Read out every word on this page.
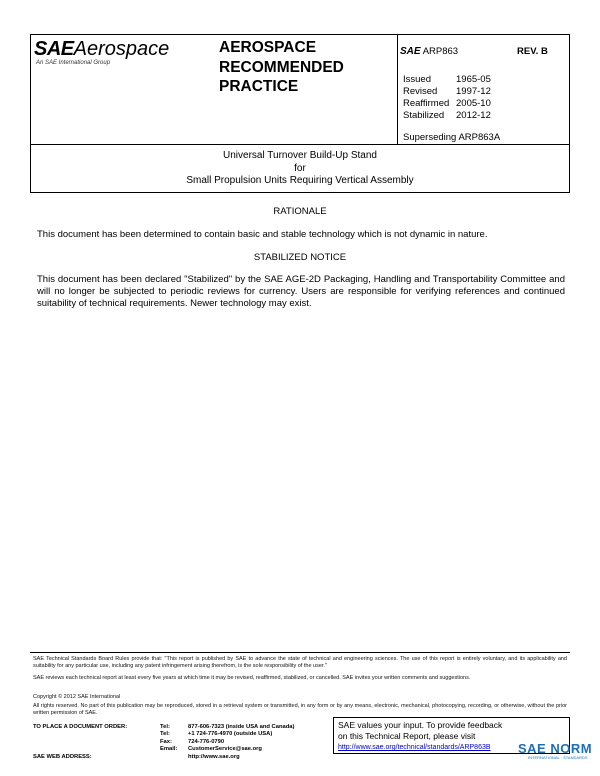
SAEAerospace
An SAE International Group
AEROSPACE
RECOMMENDED
PRACTICE
SAE ARP863	REV. B
Issued	1965-05
Revised	1997-12
Reaffirmed	2005-10
Stabilized	2012-12
Superseding ARP863A
Universal Turnover Build-Up Stand
for
Small Propulsion Units Requiring Vertical Assembly
RATIONALE
This document has been determined to contain basic and stable technology which is not dynamic in nature.
STABILIZED NOTICE
This document has been declared "Stabilized" by the SAE AGE-2D Packaging, Handling and Transportability Committee and will no longer be subjected to periodic reviews for currency. Users are responsible for verifying references and continued suitability of technical requirements. Newer technology may exist.
SAE Technical Standards Board Rules provide that: "This report is published by SAE to advance the state of technical and engineering sciences. The use of this report is entirely voluntary, and its applicability and suitability for any particular use, including any patent infringement arising therefrom, is the sole responsibility of the user."
SAE reviews each technical report at least every five years at which time it may be revised, reaffirmed, stabilized, or cancelled. SAE invites your written comments and suggestions.
Copyright © 2012 SAE International
All rights reserved. No part of this publication may be reproduced, stored in a retrieval system or transmitted, in any form or by any means, electronic, mechanical, photocopying, recording, or otherwise, without the prior written permission of SAE.
TO PLACE A DOCUMENT ORDER:	Tel:	877-606-7323 (inside USA and Canada)
	Tel:	+1 724-776-4970 (outside USA)
	Fax:	724-776-0790
	Email:	CustomerService@sae.org
SAE WEB ADDRESS:		http://www.sae.org
SAE values your input. To provide feedback
on this Technical Report, please visit
http://www.sae.org/technical/standards/ARP863B	SAE NORM
INTERNATIONAL · STANDARDS
